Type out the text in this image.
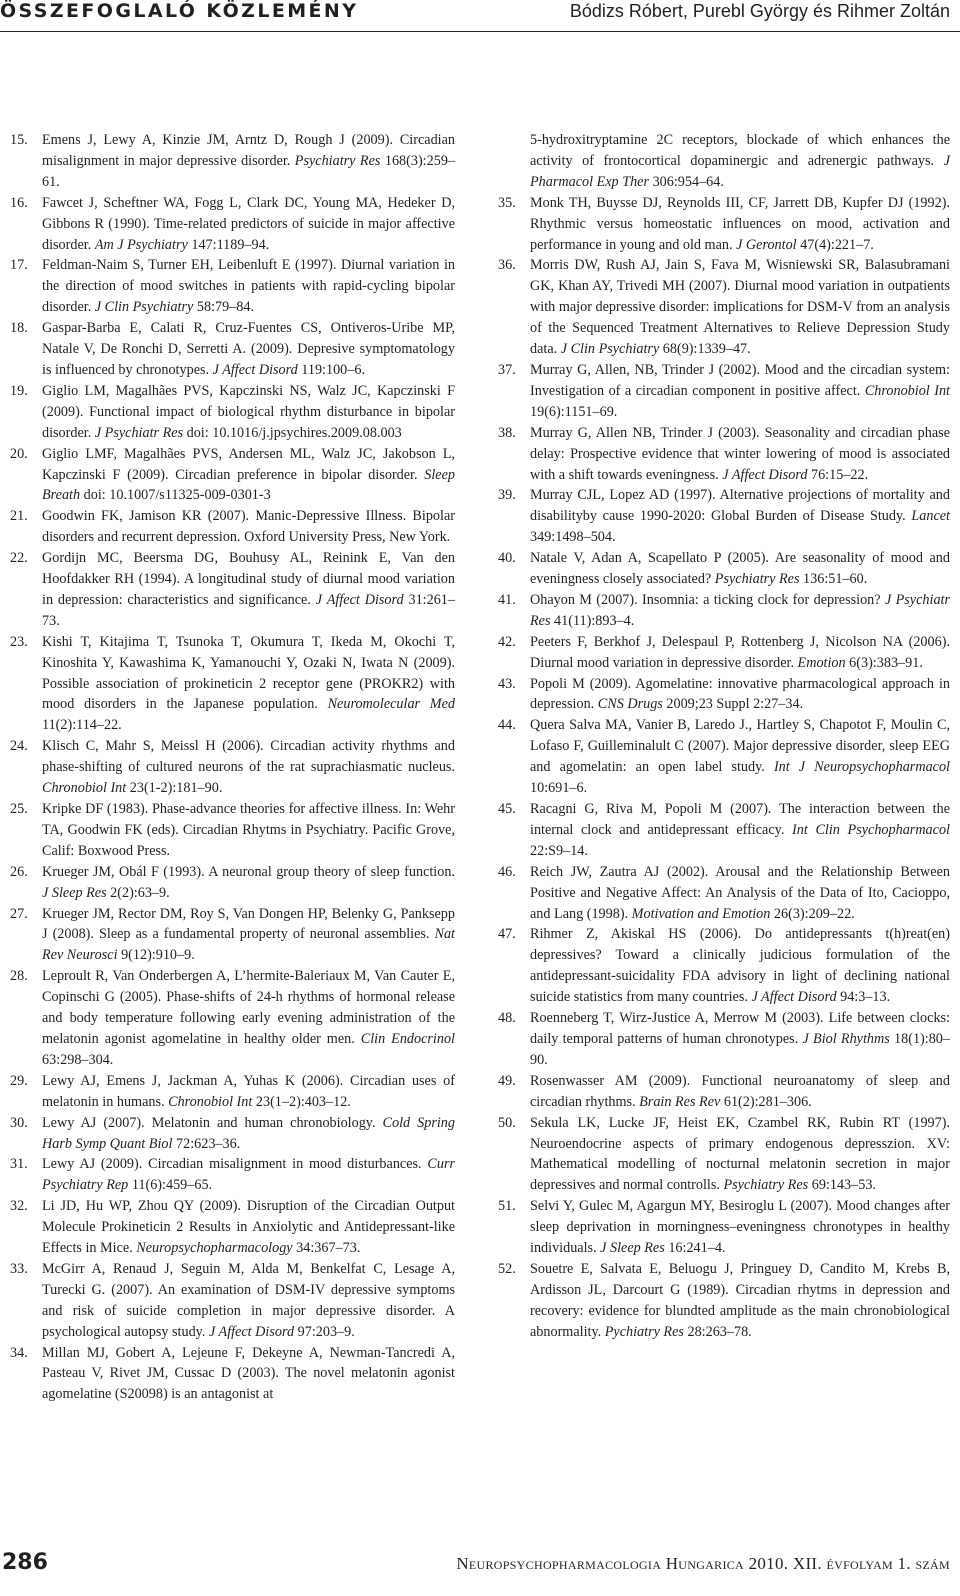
ÖSSZEFOGLALÓ KÖZLEMÉNY	Bódizs Róbert, Purebl György és Rihmer Zoltán
15. Emens J, Lewy A, Kinzie JM, Arntz D, Rough J (2009). Circadian misalignment in major depressive disorder. Psychiatry Res 168(3):259–61.
16. Fawcet J, Scheftner WA, Fogg L, Clark DC, Young MA, Hedeker D, Gibbons R (1990). Time-related predictors of suicide in major affective disorder. Am J Psychiatry 147:1189–94.
17. Feldman-Naim S, Turner EH, Leibenluft E (1997). Diurnal variation in the direction of mood switches in patients with rapid-cycling bipolar disorder. J Clin Psychiatry 58:79–84.
18. Gaspar-Barba E, Calati R, Cruz-Fuentes CS, Ontiveros-Uribe MP, Natale V, De Ronchi D, Serretti A. (2009). Depresive symptomatology is influenced by chronotypes. J Affect Disord 119:100–6.
19. Giglio LM, Magalhães PVS, Kapczinski NS, Walz JC, Kapczinski F (2009). Functional impact of biological rhythm disturbance in bipolar disorder. J Psychiatr Res doi: 10.1016/j.jpsychires.2009.08.003
20. Giglio LMF, Magalhães PVS, Andersen ML, Walz JC, Jakobson L, Kapczinski F (2009). Circadian preference in bipolar disorder. Sleep Breath doi: 10.1007/s11325-009-0301-3
21. Goodwin FK, Jamison KR (2007). Manic-Depressive Illness. Bipolar disorders and recurrent depression. Oxford University Press, New York.
22. Gordijn MC, Beersma DG, Bouhusy AL, Reinink E, Van den Hoofdakker RH (1994). A longitudinal study of diurnal mood variation in depression: characteristics and significance. J Affect Disord 31:261–73.
23. Kishi T, Kitajima T, Tsunoka T, Okumura T, Ikeda M, Okochi T, Kinoshita Y, Kawashima K, Yamanouchi Y, Ozaki N, Iwata N (2009). Possible association of prokineticin 2 receptor gene (PROKR2) with mood disorders in the Japanese population. Neuromolecular Med 11(2):114–22.
24. Klisch C, Mahr S, Meissl H (2006). Circadian activity rhythms and phase-shifting of cultured neurons of the rat suprachiasmatic nucleus. Chronobiol Int 23(1-2):181–90.
25. Kripke DF (1983). Phase-advance theories for affective illness. In: Wehr TA, Goodwin FK (eds). Circadian Rhytms in Psychiatry. Pacific Grove, Calif: Boxwood Press.
26. Krueger JM, Obál F (1993). A neuronal group theory of sleep function. J Sleep Res 2(2):63–9.
27. Krueger JM, Rector DM, Roy S, Van Dongen HP, Belenky G, Panksepp J (2008). Sleep as a fundamental property of neuronal assemblies. Nat Rev Neurosci 9(12):910–9.
28. Leproult R, Van Onderbergen A, L’hermite-Baleriaux M, Van Cauter E, Copinschi G (2005). Phase-shifts of 24-h rhythms of hormonal release and body temperature following early evening administration of the melatonin agonist agomelatine in healthy older men. Clin Endocrinol 63:298–304.
29. Lewy AJ, Emens J, Jackman A, Yuhas K (2006). Circadian uses of melatonin in humans. Chronobiol Int 23(1–2):403–12.
30. Lewy AJ (2007). Melatonin and human chronobiology. Cold Spring Harb Symp Quant Biol 72:623–36.
31. Lewy AJ (2009). Circadian misalignment in mood disturbances. Curr Psychiatry Rep 11(6):459–65.
32. Li JD, Hu WP, Zhou QY (2009). Disruption of the Circadian Output Molecule Prokineticin 2 Results in Anxiolytic and Antidepressant-like Effects in Mice. Neuropsychopharmacology 34:367–73.
33. McGirr A, Renaud J, Seguin M, Alda M, Benkelfat C, Lesage A, Turecki G. (2007). An examination of DSM-IV depressive symptoms and risk of suicide completion in major depressive disorder. A psychological autopsy study. J Affect Disord 97:203–9.
34. Millan MJ, Gobert A, Lejeune F, Dekeyne A, Newman-Tancredi A, Pasteau V, Rivet JM, Cussac D (2003). The novel melatonin agonist agomelatine (S20098) is an antagonist at
5-hydroxitryptamine 2C receptors, blockade of which enhances the activity of frontocortical dopaminergic and adrenergic pathways. J Pharmacol Exp Ther 306:954–64.
35. Monk TH, Buysse DJ, Reynolds III, CF, Jarrett DB, Kupfer DJ (1992). Rhythmic versus homeostatic influences on mood, activation and performance in young and old man. J Gerontol 47(4):221–7.
36. Morris DW, Rush AJ, Jain S, Fava M, Wisniewski SR, Balasubramani GK, Khan AY, Trivedi MH (2007). Diurnal mood variation in outpatients with major depressive disorder: implications for DSM-V from an analysis of the Sequenced Treatment Alternatives to Relieve Depression Study data. J Clin Psychiatry 68(9):1339–47.
37. Murray G, Allen, NB, Trinder J (2002). Mood and the circadian system: Investigation of a circadian component in positive affect. Chronobiol Int 19(6):1151–69.
38. Murray G, Allen NB, Trinder J (2003). Seasonality and circadian phase delay: Prospective evidence that winter lowering of mood is associated with a shift towards eveningness. J Affect Disord 76:15–22.
39. Murray CJL, Lopez AD (1997). Alternative projections of mortality and disabilityby cause 1990-2020: Global Burden of Disease Study. Lancet 349:1498–504.
40. Natale V, Adan A, Scapellato P (2005). Are seasonality of mood and eveningness closely associated? Psychiatry Res 136:51–60.
41. Ohayon M (2007). Insomnia: a ticking clock for depression? J Psychiatr Res 41(11):893–4.
42. Peeters F, Berkhof J, Delespaul P, Rottenberg J, Nicolson NA (2006). Diurnal mood variation in depressive disorder. Emotion 6(3):383–91.
43. Popoli M (2009). Agomelatine: innovative pharmacological approach in depression. CNS Drugs 2009;23 Suppl 2:27–34.
44. Quera Salva MA, Vanier B, Laredo J., Hartley S, Chapotot F, Moulin C, Lofaso F, Guilleminalult C (2007). Major depressive disorder, sleep EEG and agomelatin: an open label study. Int J Neuropsychopharmacol 10:691–6.
45. Racagni G, Riva M, Popoli M (2007). The interaction between the internal clock and antidepressant efficacy. Int Clin Psychopharmacol 22:S9–14.
46. Reich JW, Zautra AJ (2002). Arousal and the Relationship Between Positive and Negative Affect: An Analysis of the Data of Ito, Cacioppo, and Lang (1998). Motivation and Emotion 26(3):209–22.
47. Rihmer Z, Akiskal HS (2006). Do antidepressants t(h)reat(en) depressives? Toward a clinically judicious formulation of the antidepressant-suicidality FDA advisory in light of declining national suicide statistics from many countries. J Affect Disord 94:3–13.
48. Roenneberg T, Wirz-Justice A, Merrow M (2003). Life between clocks: daily temporal patterns of human chronotypes. J Biol Rhythms 18(1):80–90.
49. Rosenwasser AM (2009). Functional neuroanatomy of sleep and circadian rhythms. Brain Res Rev 61(2):281–306.
50. Sekula LK, Lucke JF, Heist EK, Czambel RK, Rubin RT (1997). Neuroendocrine aspects of primary endogenous depresszion. XV: Mathematical modelling of nocturnal melatonin secretion in major depressives and normal controlls. Psychiatry Res 69:143–53.
51. Selvi Y, Gulec M, Agargun MY, Besiroglu L (2007). Mood changes after sleep deprivation in morningness–eveningness chronotypes in healthy individuals. J Sleep Res 16:241–4.
52. Souetre E, Salvata E, Beluogu J, Pringuey D, Candito M, Krebs B, Ardisson JL, Darcourt G (1989). Circadian rhytms in depression and recovery: evidence for blundted amplitude as the main chronobiological abnormality. Pychiatry Res 28:263–78.
286	Neuropsychopharmacologia Hungarica 2010. XII. évfolyam 1. szám
